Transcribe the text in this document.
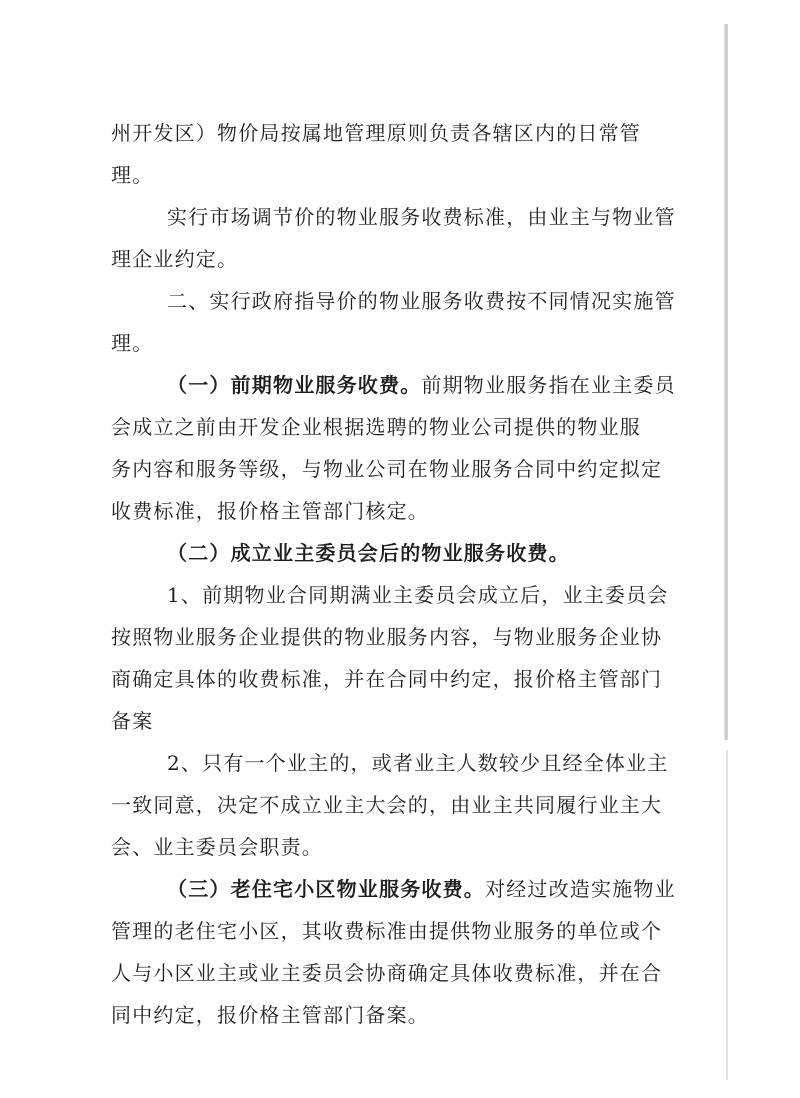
州开发区）物价局按属地管理原则负责各辖区内的日常管
理。
实行市场调节价的物业服务收费标准，由业主与物业管
理企业约定。
二、实行政府指导价的物业服务收费按不同情况实施管
理。
（一）前期物业服务收费。前期物业服务指在业主委员
会成立之前由开发企业根据选聘的物业公司提供的物业服
务内容和服务等级，与物业公司在物业服务合同中约定拟定
收费标准，报价格主管部门核定。
（二）成立业主委员会后的物业服务收费。
1、前期物业合同期满业主委员会成立后，业主委员会
按照物业服务企业提供的物业服务内容，与物业服务企业协
商确定具体的收费标准，并在合同中约定，报价格主管部门
备案
2、只有一个业主的，或者业主人数较少且经全体业主
一致同意，决定不成立业主大会的，由业主共同履行业主大
会、业主委员会职责。
（三）老住宅小区物业服务收费。对经过改造实施物业
管理的老住宅小区，其收费标准由提供物业服务的单位或个
人与小区业主或业主委员会协商确定具体收费标准，并在合
同中约定，报价格主管部门备案。
